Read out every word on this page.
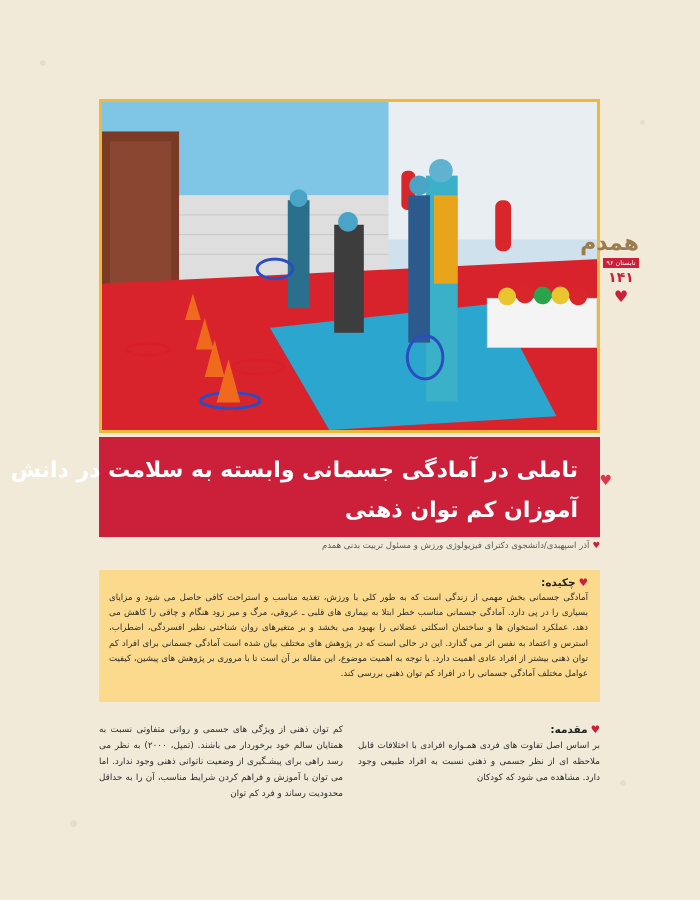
همدم
تابستان ۹۶
۱۴۱
♥
♥
تاملی در آمادگی جسمانی وابسته به سلامت در دانش
آموزان کم توان ذهنی
♥آذر اسپهبدی/دانشجوی دکترای فیزیولوژی ورزش و مسئول تربیت بدنی همدم
♥چکیده:

آمادگی جسمانی بخش مهمی از زندگی است که به طور کلی با ورزش، تغذیه مناسب و استراحت کافی حاصل می شود و مزایای بسیاری را در پی دارد. آمادگی جسمانی مناسب خطر ابتلا به بیماری های قلبی ـ عروقی، مرگ و میر زود هنگام و چاقی را کاهش می دهد، عملکرد استخوان ها و ساختمان اسکلتی عضلانی را بهبود می بخشد و بر متغیرهای روان شناختی نظیر افسردگی، اضطراب، استرس و اعتماد به نفس اثر می گذارد. این در حالی است که در پژوهش های مختلف بیان شده است آمادگی جسمانی برای افراد کم توان ذهنی بیشتر از افراد عادی اهمیت دارد. با توجه به اهمیت موضوع، این مقاله بر آن است تا با مروری بر پژوهش های پیشین، کیفیت عوامل مختلف آمادگی جسمانی را در افراد کم توان ذهنی بررسی کند.

♥مقدمه:

بر اساس اصل تفاوت های فردی همـواره افرادی با اختلافات قابل ملاحظه ای از نظر جسمی و ذهنی نسبت به افراد طبیعی وجود دارد. مشاهده می شود که کودکان

کم توان ذهنی از ویژگی های جسمی و روانی متفاوتی نسبت به همتایان سالم خود برخوردار می باشند. (تمپل، ۲۰۰۰) به نظر می رسد راهی برای پیشـگیری از وضعیت ناتوانی ذهنی وجود ندارد. اما می توان با آموزش و فراهم کردن شرایط مناسب، آن را به حداقل محدودیت رساند و فرد کم توان
